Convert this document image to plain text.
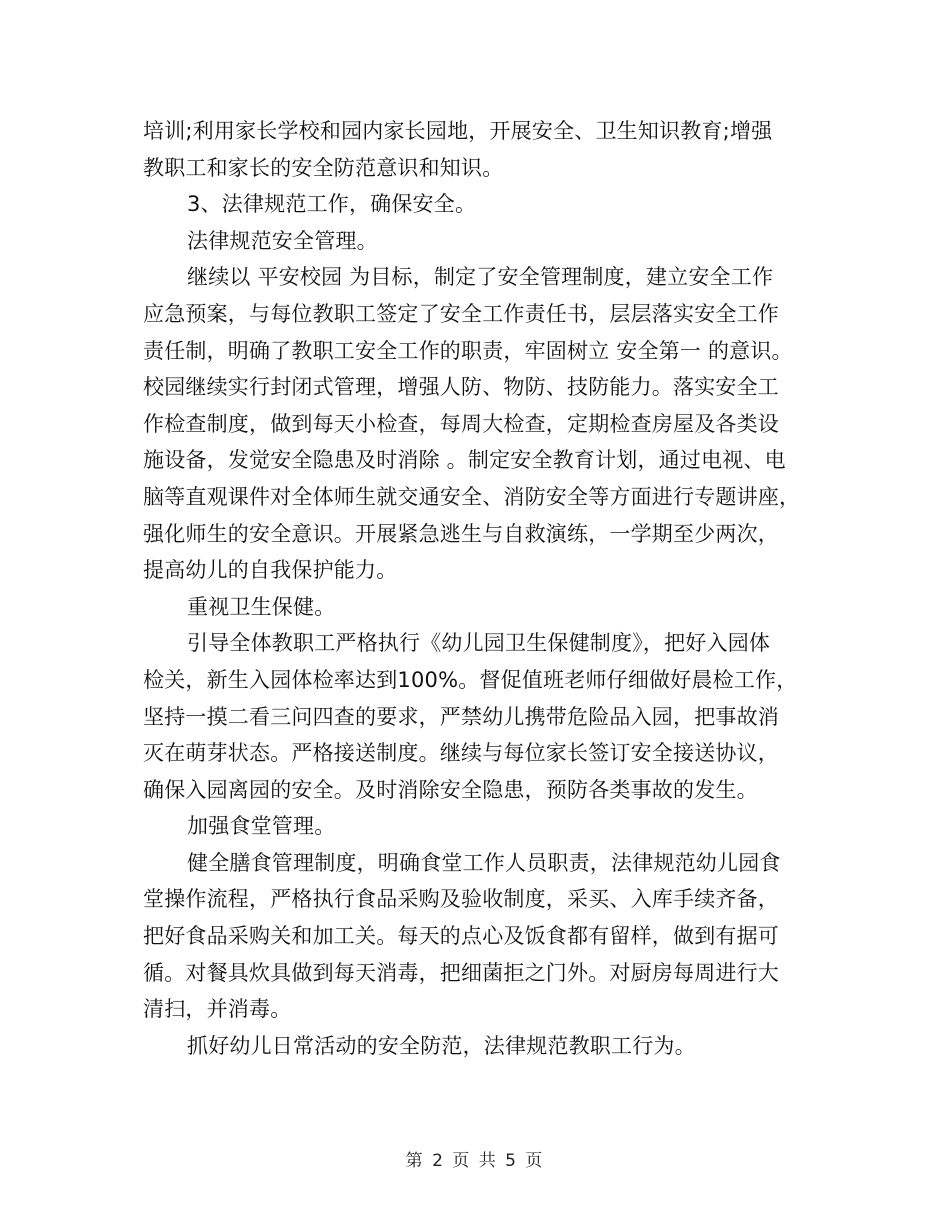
培训;利用家长学校和园内家长园地，开展安全、卫生知识教育;增强
教职工和家长的安全防范意识和知识。
3、法律规范工作，确保安全。
法律规范安全管理。
继续以 平安校园 为目标，制定了安全管理制度，建立安全工作
应急预案，与每位教职工签定了安全工作责任书，层层落实安全工作
责任制，明确了教职工安全工作的职责，牢固树立 安全第一 的意识。
校园继续实行封闭式管理，增强人防、物防、技防能力。落实安全工
作检查制度，做到每天小检查，每周大检查，定期检查房屋及各类设
施设备，发觉安全隐患及时消除 。制定安全教育计划，通过电视、电
脑等直观课件对全体师生就交通安全、消防安全等方面进行专题讲座，
强化师生的安全意识。开展紧急逃生与自救演练，一学期至少两次，
提高幼儿的自我保护能力。
重视卫生保健。
引导全体教职工严格执行《幼儿园卫生保健制度》，把好入园体
检关，新生入园体检率达到100%。督促值班老师仔细做好晨检工作，
坚持一摸二看三问四查的要求，严禁幼儿携带危险品入园，把事故消
灭在萌芽状态。严格接送制度。继续与每位家长签订安全接送协议，
确保入园离园的安全。及时消除安全隐患，预防各类事故的发生。
加强食堂管理。
健全膳食管理制度，明确食堂工作人员职责，法律规范幼儿园食
堂操作流程，严格执行食品采购及验收制度，采买、入库手续齐备，
把好食品采购关和加工关。每天的点心及饭食都有留样，做到有据可
循。对餐具炊具做到每天消毒，把细菌拒之门外。对厨房每周进行大
清扫，并消毒。
抓好幼儿日常活动的安全防范，法律规范教职工行为。
第 2 页 共 5 页
